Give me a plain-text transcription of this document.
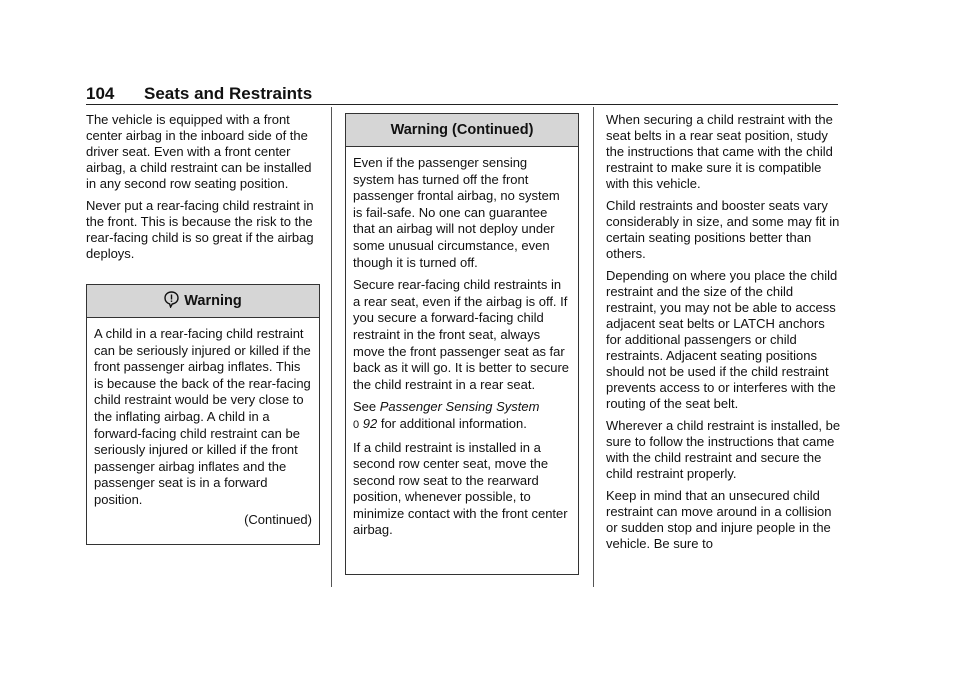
104 Seats and Restraints

The vehicle is equipped with a front center airbag in the inboard side of the driver seat. Even with a front center airbag, a child restraint can be installed in any second row seating position.

Never put a rear-facing child restraint in the front. This is because the risk to the rear-facing child is so great if the airbag deploys.

Warning

A child in a rear-facing child restraint can be seriously injured or killed if the front passenger airbag inflates. This is because the back of the rear-facing child restraint would be very close to the inflating airbag. A child in a forward-facing child restraint can be seriously injured or killed if the front passenger airbag inflates and the passenger seat is in a forward position.

(Continued)
Warning (Continued)

Even if the passenger sensing system has turned off the front passenger frontal airbag, no system is fail-safe. No one can guarantee that an airbag will not deploy under some unusual circumstance, even though it is turned off.

Secure rear-facing child restraints in a rear seat, even if the airbag is off. If you secure a forward-facing child restraint in the front seat, always move the front passenger seat as far back as it will go. It is better to secure the child restraint in a rear seat.

See Passenger Sensing System
0 92 for additional information.

If a child restraint is installed in a second row center seat, move the second row seat to the rearward position, whenever possible, to minimize contact with the front center airbag.

When securing a child restraint with the seat belts in a rear seat position, study the instructions that came with the child restraint to make sure it is compatible with this vehicle.

Child restraints and booster seats vary considerably in size, and some may fit in certain seating positions better than others.

Depending on where you place the child restraint and the size of the child restraint, you may not be able to access adjacent seat belts or LATCH anchors for additional passengers or child restraints. Adjacent seating positions should not be used if the child restraint prevents access to or interferes with the routing of the seat belt.

Wherever a child restraint is installed, be sure to follow the instructions that came with the child restraint and secure the child restraint properly.

Keep in mind that an unsecured child restraint can move around in a collision or sudden stop and injure people in the vehicle. Be sure to
